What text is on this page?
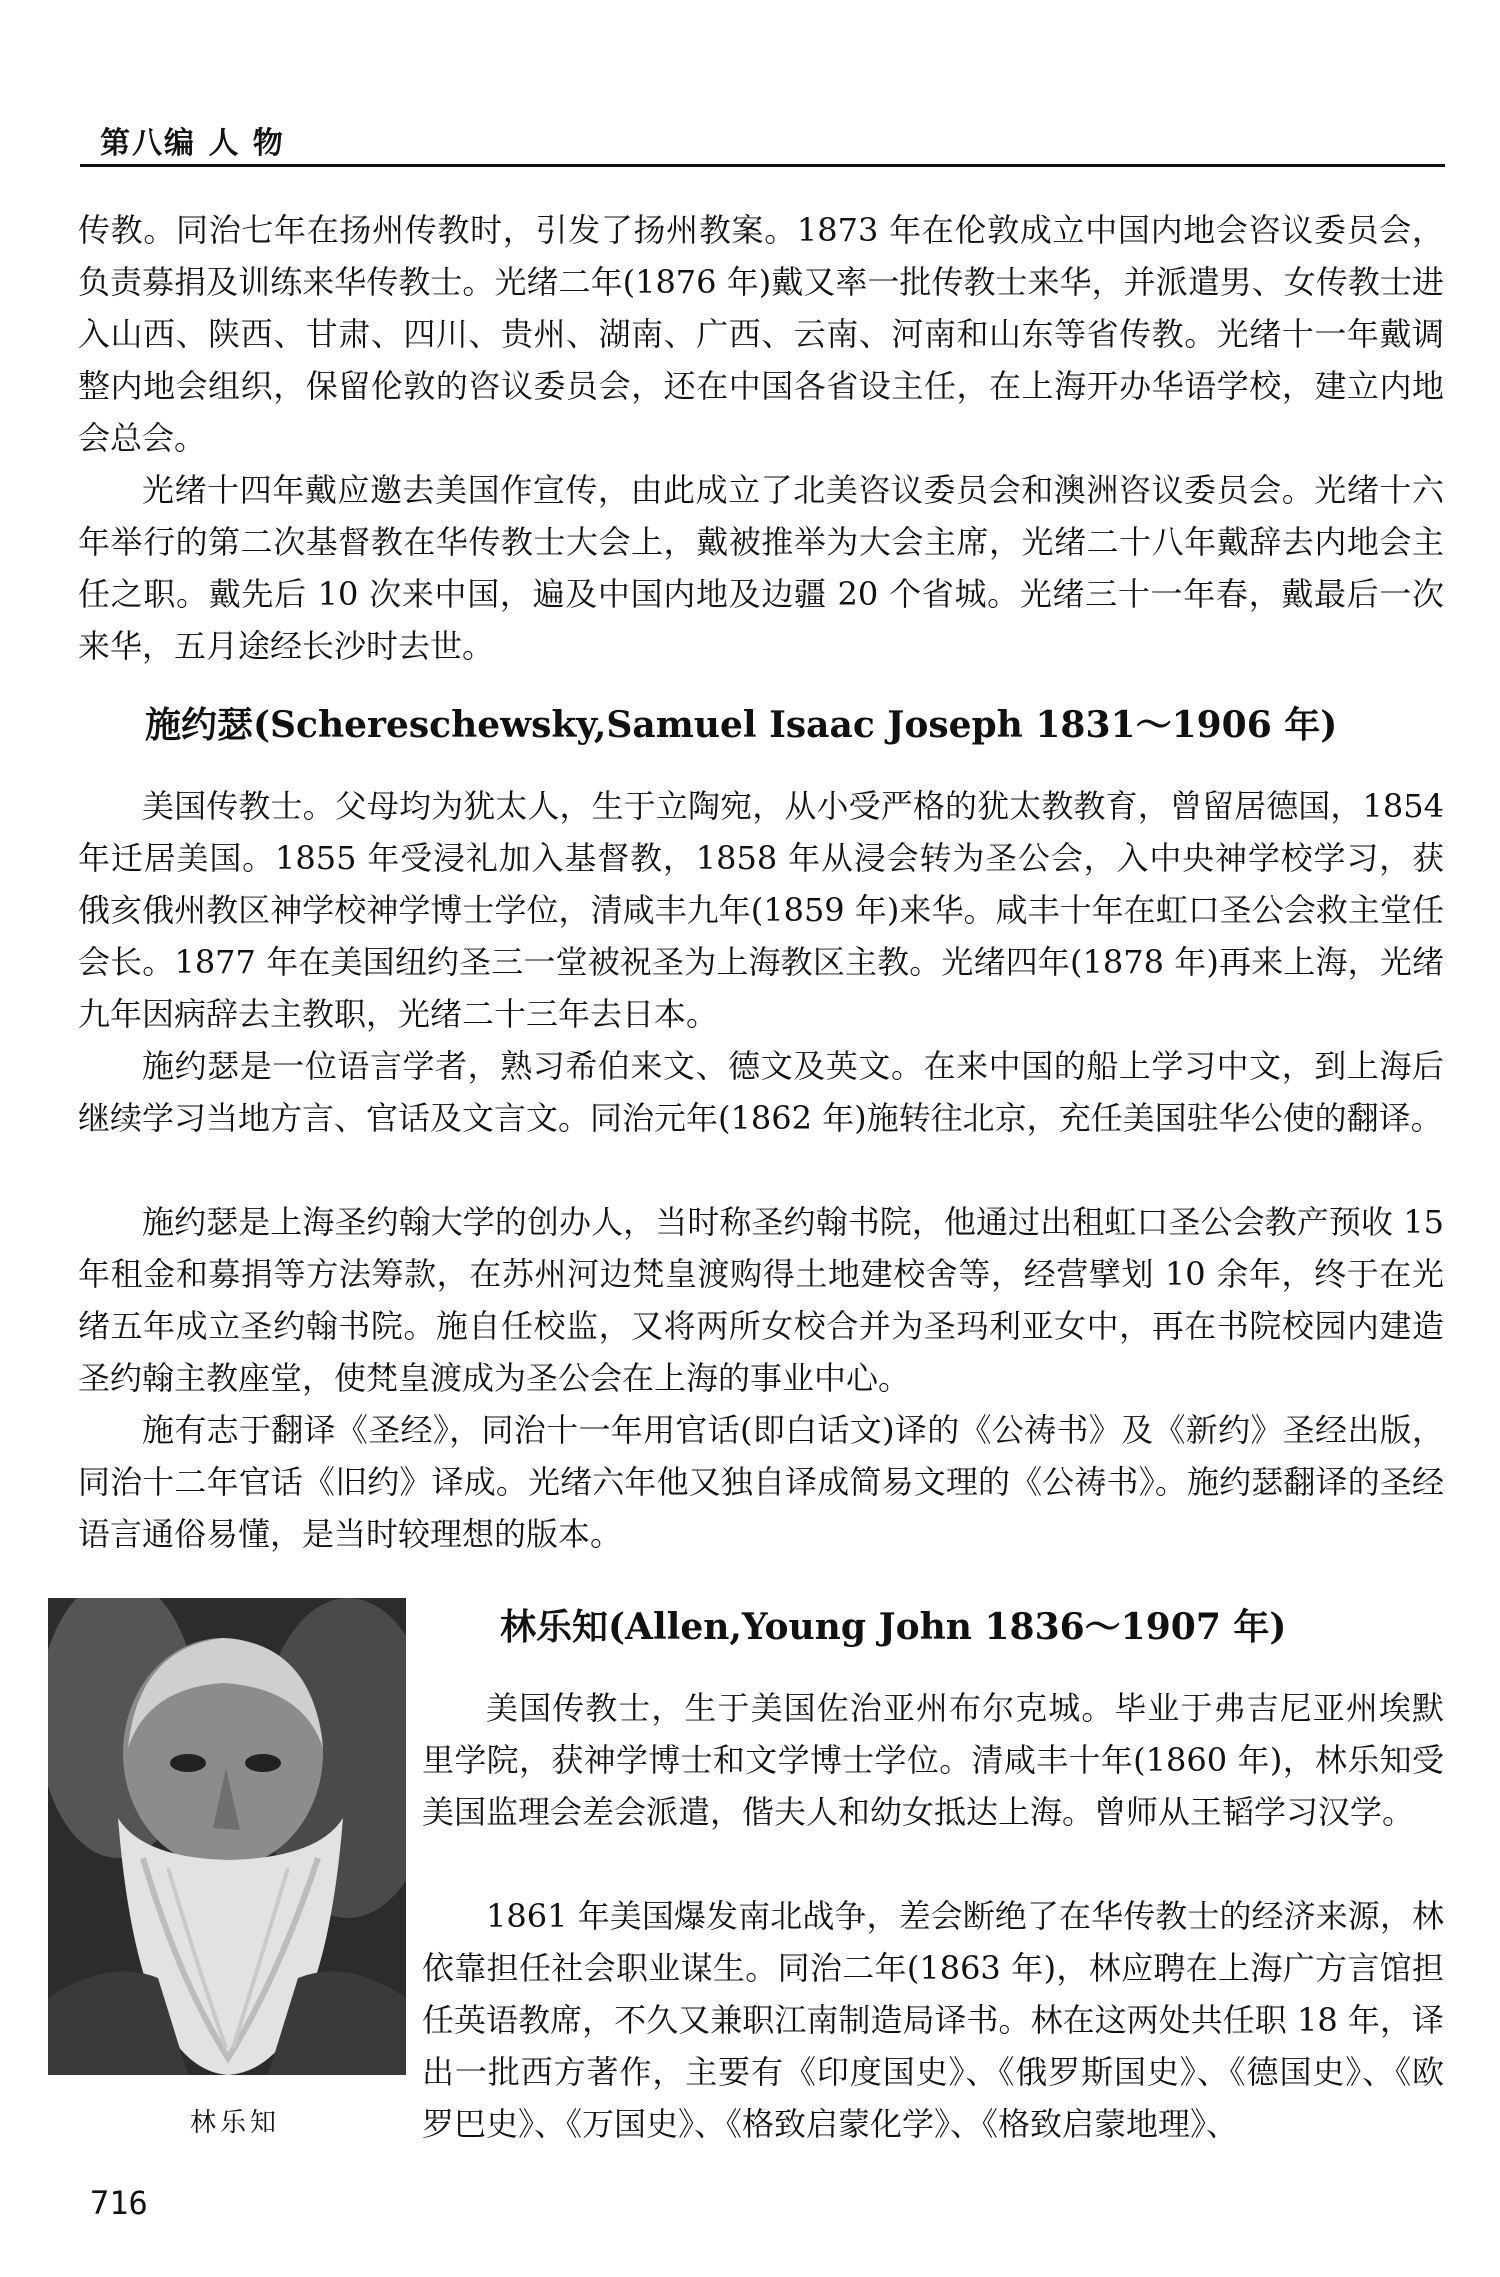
第八编 人 物

传教。同治七年在扬州传教时，引发了扬州教案。1873 年在伦敦成立中国内地会咨议委员会，负责募捐及训练来华传教士。光绪二年(1876 年)戴又率一批传教士来华，并派遣男、女传教士进入山西、陕西、甘肃、四川、贵州、湖南、广西、云南、河南和山东等省传教。光绪十一年戴调整内地会组织，保留伦敦的咨议委员会，还在中国各省设主任，在上海开办华语学校，建立内地会总会。

光绪十四年戴应邀去美国作宣传，由此成立了北美咨议委员会和澳洲咨议委员会。光绪十六年举行的第二次基督教在华传教士大会上，戴被推举为大会主席，光绪二十八年戴辞去内地会主任之职。戴先后 10 次来中国，遍及中国内地及边疆 20 个省城。光绪三十一年春，戴最后一次来华，五月途经长沙时去世。

施约瑟(Schereschewsky,Samuel Isaac Joseph 1831～1906 年)

美国传教士。父母均为犹太人，生于立陶宛，从小受严格的犹太教教育，曾留居德国，1854 年迁居美国。1855 年受浸礼加入基督教，1858 年从浸会转为圣公会，入中央神学校学习，获俄亥俄州教区神学校神学博士学位，清咸丰九年(1859 年)来华。咸丰十年在虹口圣公会救主堂任会长。1877 年在美国纽约圣三一堂被祝圣为上海教区主教。光绪四年(1878 年)再来上海，光绪九年因病辞去主教职，光绪二十三年去日本。

施约瑟是一位语言学者，熟习希伯来文、德文及英文。在来中国的船上学习中文，到上海后继续学习当地方言、官话及文言文。同治元年(1862 年)施转往北京，充任美国驻华公使的翻译。

施约瑟是上海圣约翰大学的创办人，当时称圣约翰书院，他通过出租虹口圣公会教产预收 15 年租金和募捐等方法筹款，在苏州河边梵皇渡购得土地建校舍等，经营擘划 10 余年，终于在光绪五年成立圣约翰书院。施自任校监，又将两所女校合并为圣玛利亚女中，再在书院校园内建造圣约翰主教座堂，使梵皇渡成为圣公会在上海的事业中心。

施有志于翻译《圣经》，同治十一年用官话(即白话文)译的《公祷书》及《新约》圣经出版，同治十二年官话《旧约》译成。光绪六年他又独自译成简易文理的《公祷书》。施约瑟翻译的圣经语言通俗易懂，是当时较理想的版本。

林乐知
林乐知(Allen,Young John 1836～1907 年)

美国传教士，生于美国佐治亚州布尔克城。毕业于弗吉尼亚州埃默里学院，获神学博士和文学博士学位。清咸丰十年(1860 年)，林乐知受美国监理会差会派遣，偕夫人和幼女抵达上海。曾师从王韬学习汉学。

1861 年美国爆发南北战争，差会断绝了在华传教士的经济来源，林依靠担任社会职业谋生。同治二年(1863 年)，林应聘在上海广方言馆担任英语教席，不久又兼职江南制造局译书。林在这两处共任职 18 年，译出一批西方著作，主要有《印度国史》、《俄罗斯国史》、《德国史》、《欧罗巴史》、《万国史》、《格致启蒙化学》、《格致启蒙地理》、

716
